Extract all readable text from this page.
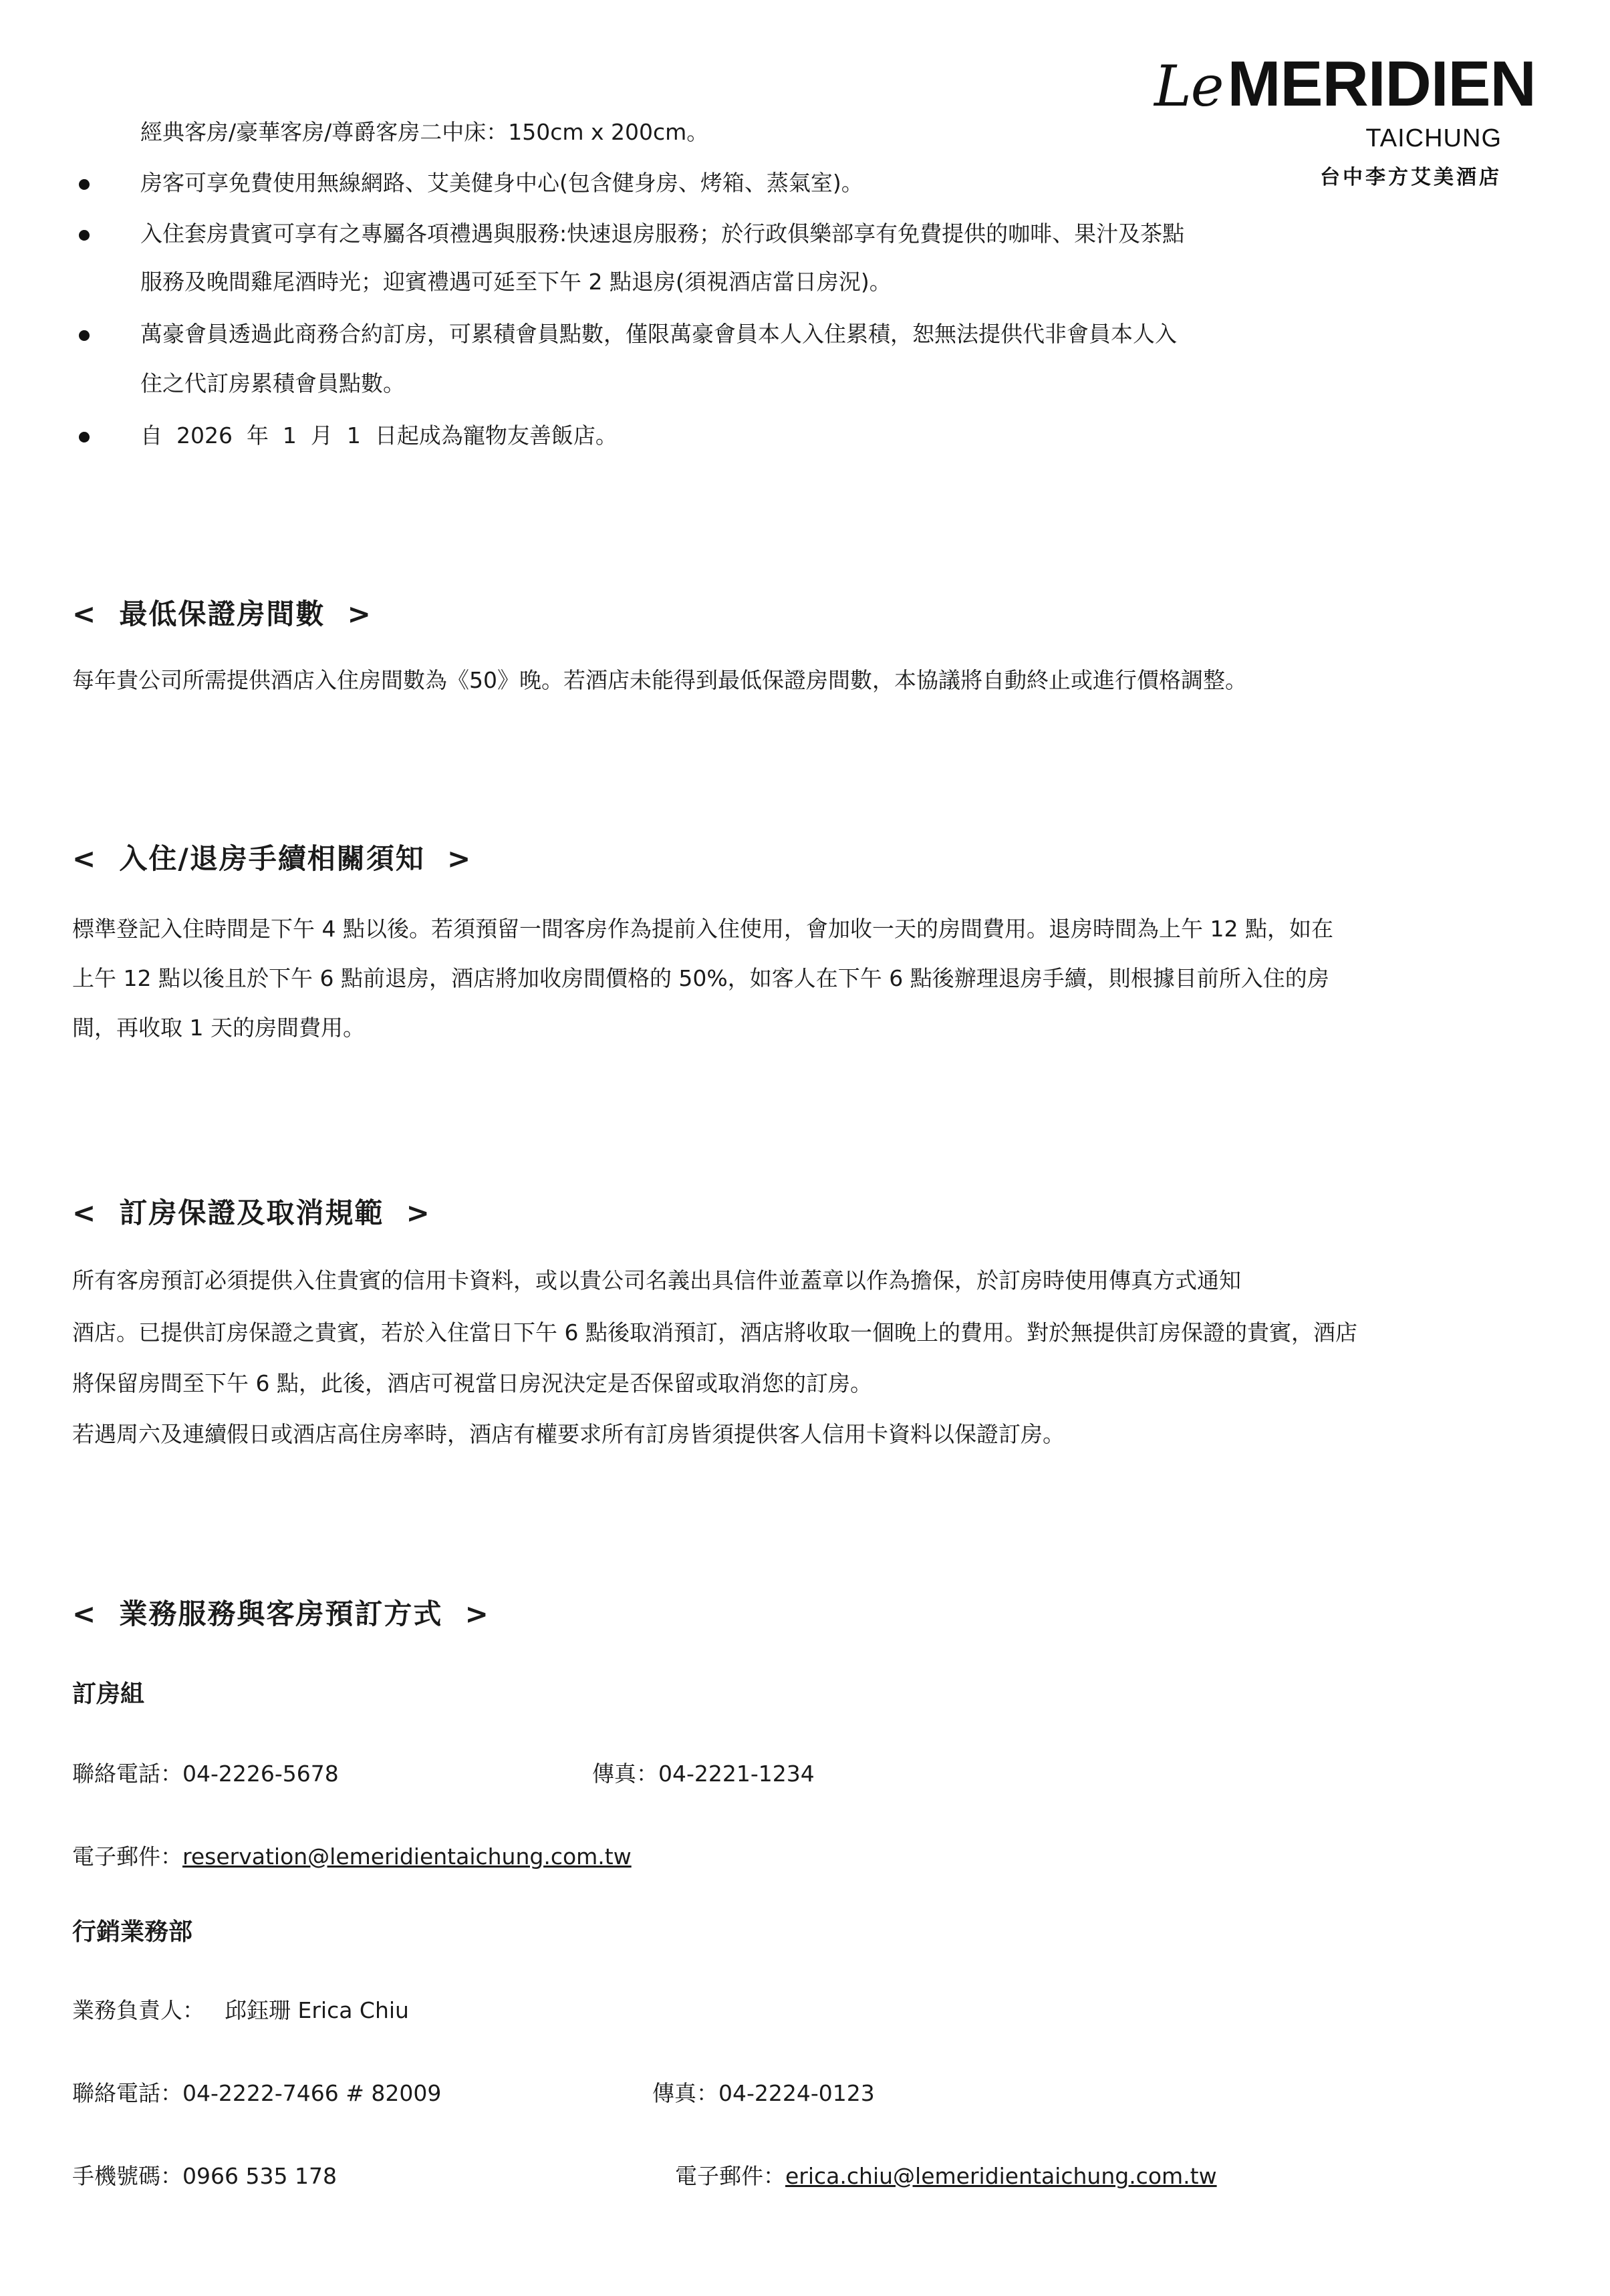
LeMERIDIEN
TAICHUNG
台中李方艾美酒店
經典客房/豪華客房/尊爵客房二中床：150cm x 200cm。
房客可享免費使用無線網路、艾美健身中心(包含健身房、烤箱、蒸氣室)。
入住套房貴賓可享有之專屬各項禮遇與服務:快速退房服務；於行政俱樂部享有免費提供的咖啡、果汁及茶點
服務及晚間雞尾酒時光；迎賓禮遇可延至下午 2 點退房(須視酒店當日房況)。
萬豪會員透過此商務合約訂房，可累積會員點數，僅限萬豪會員本人入住累積，恕無法提供代非會員本人入
住之代訂房累積會員點數。
自  2026  年  1  月  1  日起成為寵物友善飯店。
<  最低保證房間數  >
每年貴公司所需提供酒店入住房間數為《50》晚。若酒店未能得到最低保證房間數，本協議將自動終止或進行價格調整。
<  入住/退房手續相關須知  >
標準登記入住時間是下午 4 點以後。若須預留一間客房作為提前入住使用，會加收一天的房間費用。退房時間為上午 12 點，如在
上午 12 點以後且於下午 6 點前退房，酒店將加收房間價格的 50%，如客人在下午 6 點後辦理退房手續，則根據目前所入住的房
間，再收取 1 天的房間費用。
<  訂房保證及取消規範  >
所有客房預訂必須提供入住貴賓的信用卡資料，或以貴公司名義出具信件並蓋章以作為擔保，於訂房時使用傳真方式通知
酒店。已提供訂房保證之貴賓，若於入住當日下午 6 點後取消預訂，酒店將收取一個晚上的費用。對於無提供訂房保證的貴賓，酒店
將保留房間至下午 6 點，此後，酒店可視當日房況決定是否保留或取消您的訂房。
若遇周六及連續假日或酒店高住房率時，酒店有權要求所有訂房皆須提供客人信用卡資料以保證訂房。
<  業務服務與客房預訂方式  >
訂房組
聯絡電話：04-2226-5678	傳真：04-2221-1234
電子郵件：reservation@lemeridientaichung.com.tw
行銷業務部
業務負責人： 邱鈺珊 Erica Chiu
聯絡電話：04-2222-7466 # 82009	傳真：04-2224-0123
手機號碼：0966 535 178	電子郵件：erica.chiu@lemeridientaichung.com.tw
